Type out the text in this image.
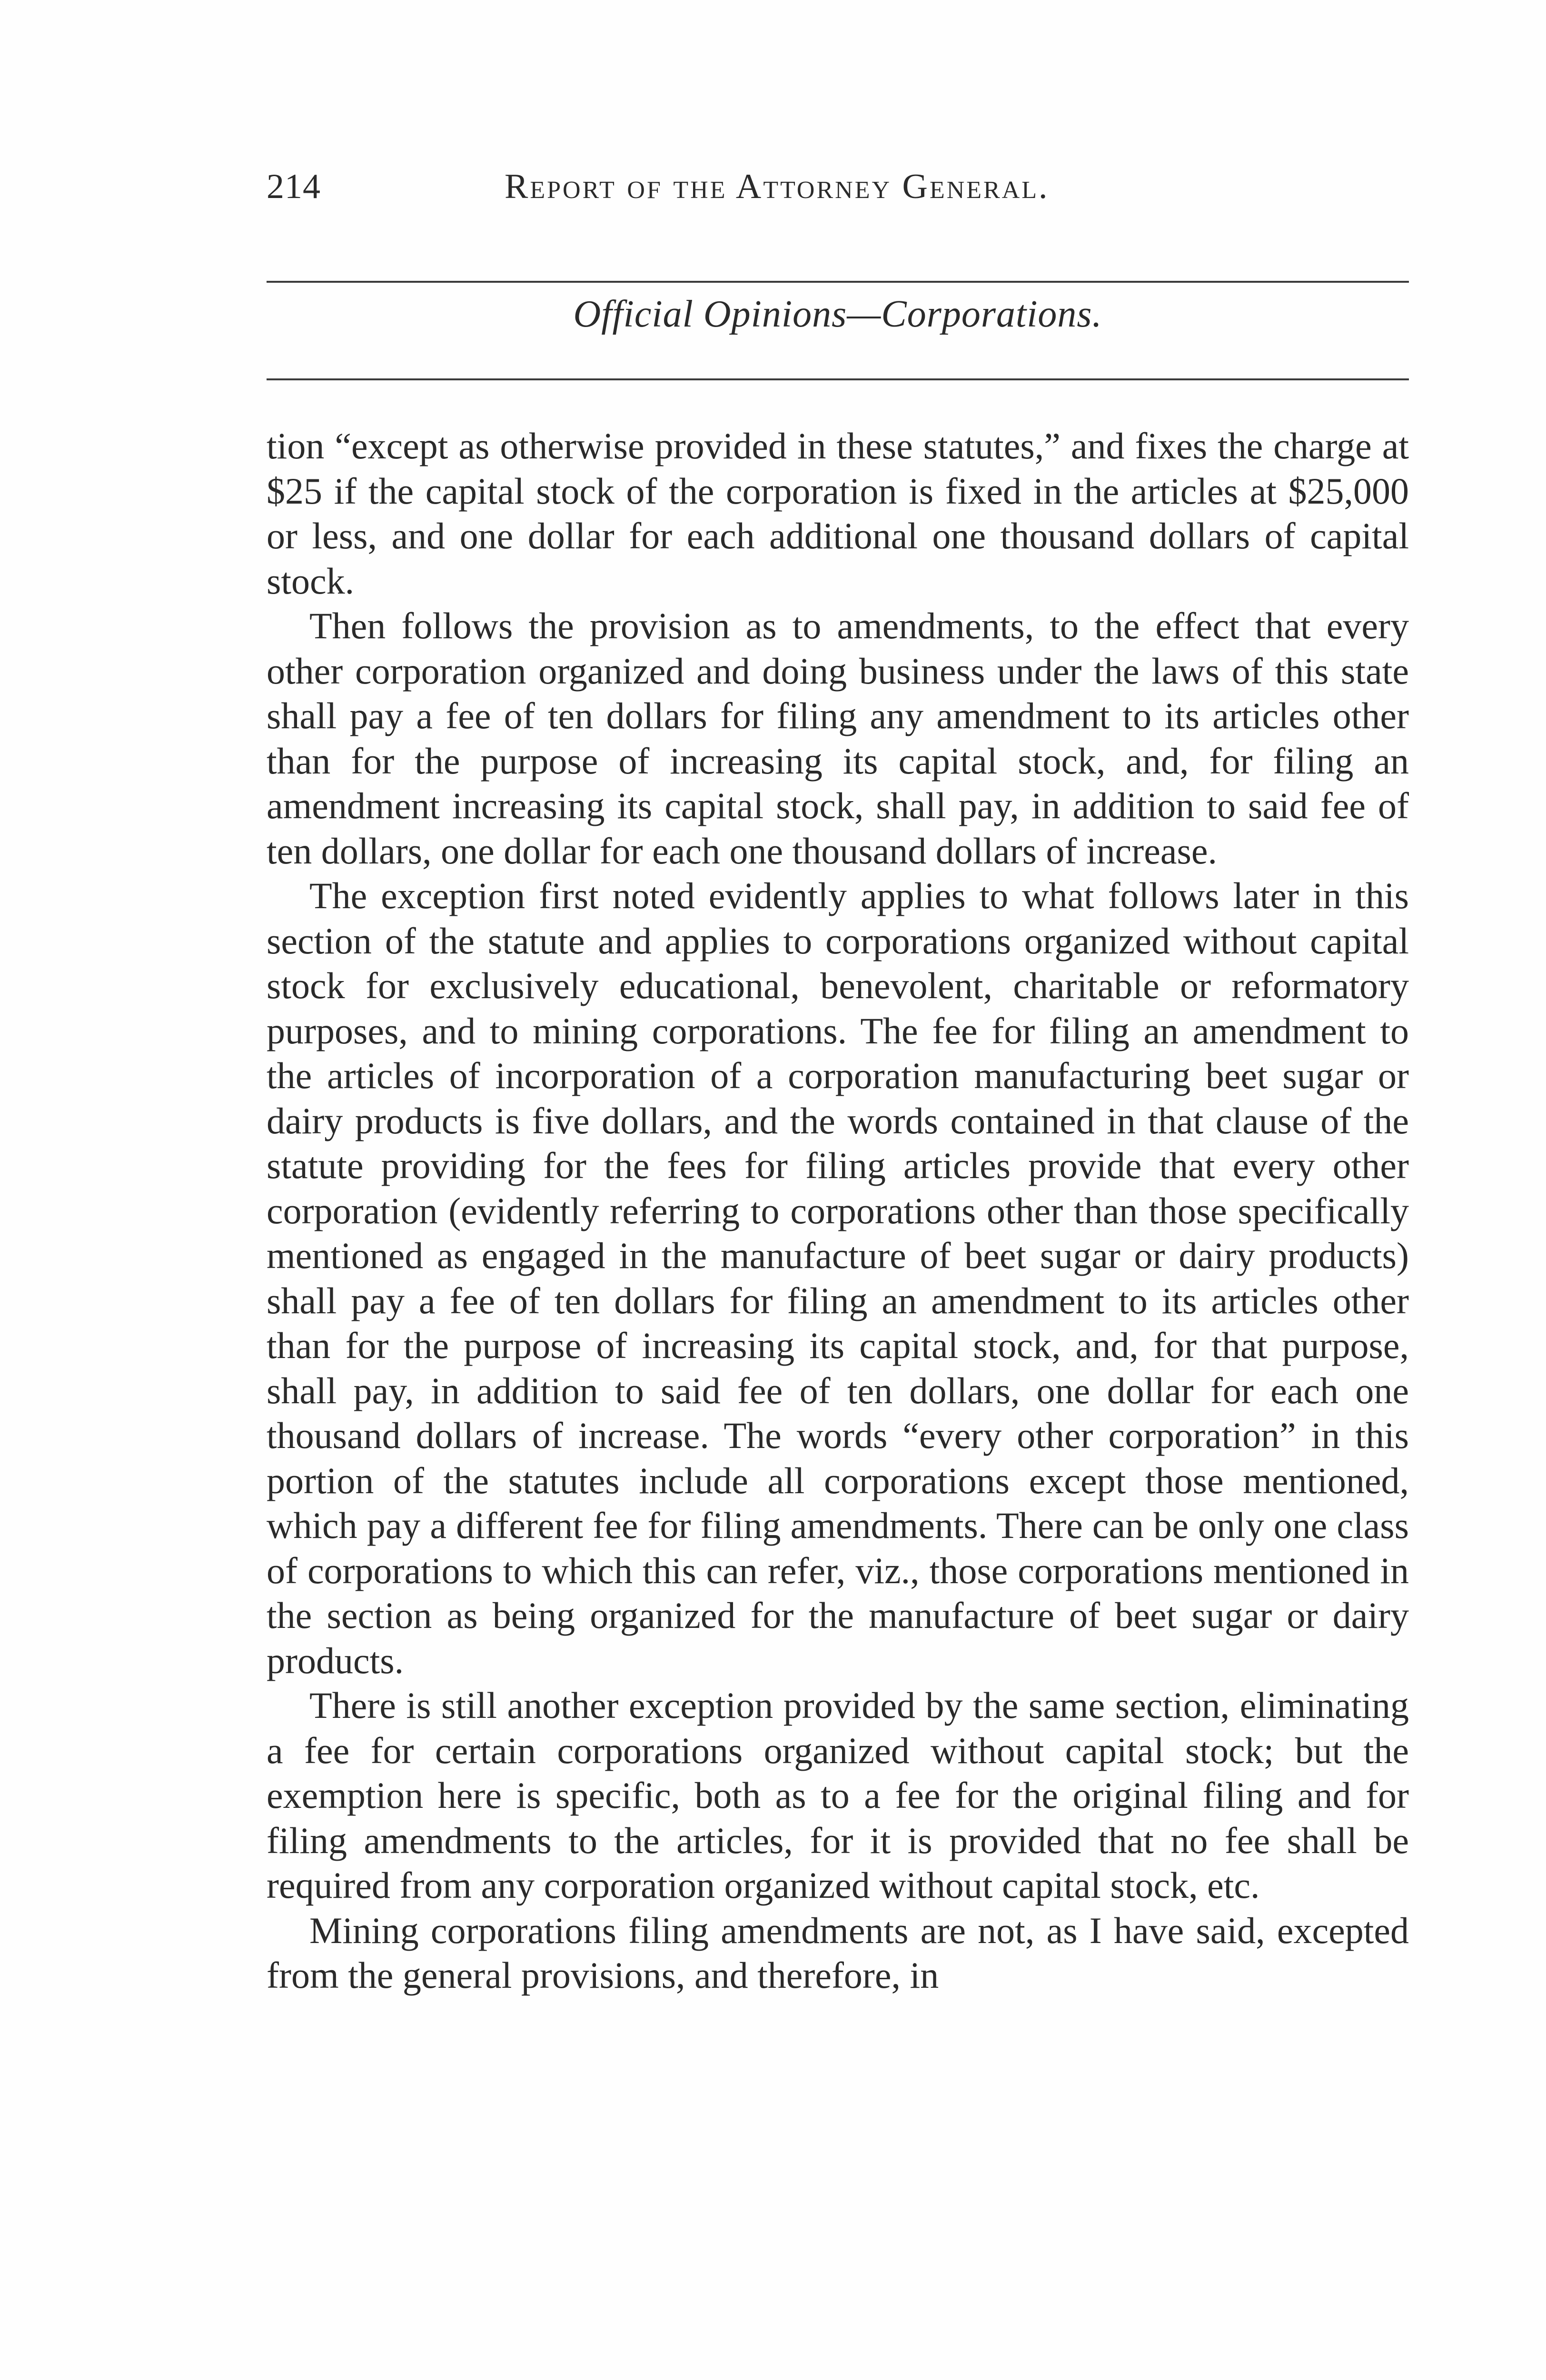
214	Report of the Attorney General.
Official Opinions—Corporations.

tion “except as otherwise provided in these statutes,” and fixes the charge at $25 if the capital stock of the corporation is fixed in the articles at $25,000 or less, and one dollar for each additional one thousand dollars of capital stock.

Then follows the provision as to amendments, to the effect that every other corporation organized and doing business under the laws of this state shall pay a fee of ten dollars for filing any amendment to its articles other than for the purpose of increasing its capital stock, and, for filing an amendment increasing its capital stock, shall pay, in addition to said fee of ten dollars, one dollar for each one thousand dollars of increase.

The exception first noted evidently applies to what follows later in this section of the statute and applies to corporations organized without capital stock for exclusively educational, benevolent, charitable or reformatory purposes, and to mining corporations. The fee for filing an amendment to the articles of incorporation of a corporation manufacturing beet sugar or dairy products is five dollars, and the words contained in that clause of the statute providing for the fees for filing articles provide that every other corporation (evidently referring to corporations other than those specifically mentioned as engaged in the manufacture of beet sugar or dairy products) shall pay a fee of ten dollars for filing an amendment to its articles other than for the purpose of increasing its capital stock, and, for that purpose, shall pay, in addition to said fee of ten dollars, one dollar for each one thousand dollars of increase. The words “every other corporation” in this portion of the statutes include all corporations except those mentioned, which pay a different fee for filing amendments. There can be only one class of corporations to which this can refer, viz., those corporations mentioned in the section as being organized for the manufacture of beet sugar or dairy products.

There is still another exception provided by the same section, eliminating a fee for certain corporations organized without capital stock; but the exemption here is specific, both as to a fee for the original filing and for filing amendments to the articles, for it is provided that no fee shall be required from any corporation organized without capital stock, etc.

Mining corporations filing amendments are not, as I have said, excepted from the general provisions, and therefore, in
